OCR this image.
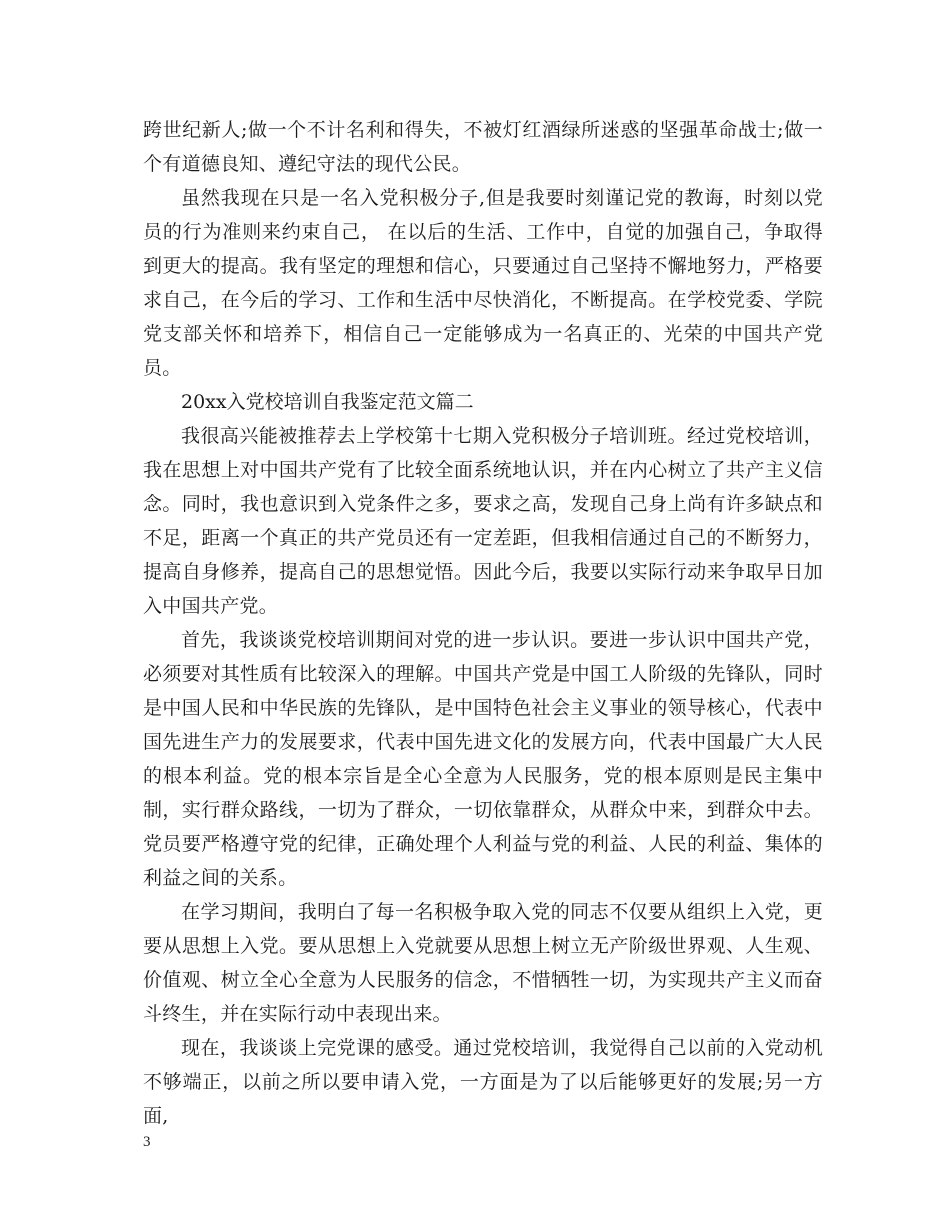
跨世纪新人;做一个不计名利和得失，不被灯红酒绿所迷惑的坚强革命战士;做一个有道德良知、遵纪守法的现代公民。

虽然我现在只是一名入党积极分子,但是我要时刻谨记党的教诲，时刻以党员的行为准则来约束自己， 在以后的生活、工作中，自觉的加强自己，争取得到更大的提高。我有坚定的理想和信心，只要通过自己坚持不懈地努力，严格要求自己，在今后的学习、工作和生活中尽快消化，不断提高。在学校党委、学院党支部关怀和培养下，相信自己一定能够成为一名真正的、光荣的中国共产党员。

20xx入党校培训自我鉴定范文篇二

我很高兴能被推荐去上学校第十七期入党积极分子培训班。经过党校培训，我在思想上对中国共产党有了比较全面系统地认识，并在内心树立了共产主义信念。同时，我也意识到入党条件之多，要求之高，发现自己身上尚有许多缺点和不足，距离一个真正的共产党员还有一定差距，但我相信通过自己的不断努力，提高自身修养，提高自己的思想觉悟。因此今后，我要以实际行动来争取早日加入中国共产党。

首先，我谈谈党校培训期间对党的进一步认识。要进一步认识中国共产党，必须要对其性质有比较深入的理解。中国共产党是中国工人阶级的先锋队，同时是中国人民和中华民族的先锋队，是中国特色社会主义事业的领导核心，代表中国先进生产力的发展要求，代表中国先进文化的发展方向，代表中国最广大人民的根本利益。党的根本宗旨是全心全意为人民服务，党的根本原则是民主集中制，实行群众路线，一切为了群众，一切依靠群众，从群众中来，到群众中去。党员要严格遵守党的纪律，正确处理个人利益与党的利益、人民的利益、集体的利益之间的关系。

在学习期间，我明白了每一名积极争取入党的同志不仅要从组织上入党，更要从思想上入党。要从思想上入党就要从思想上树立无产阶级世界观、人生观、价值观、树立全心全意为人民服务的信念，不惜牺牲一切，为实现共产主义而奋斗终生，并在实际行动中表现出来。

现在，我谈谈上完党课的感受。通过党校培训，我觉得自己以前的入党动机不够端正，以前之所以要申请入党，一方面是为了以后能够更好的发展;另一方面,

3
